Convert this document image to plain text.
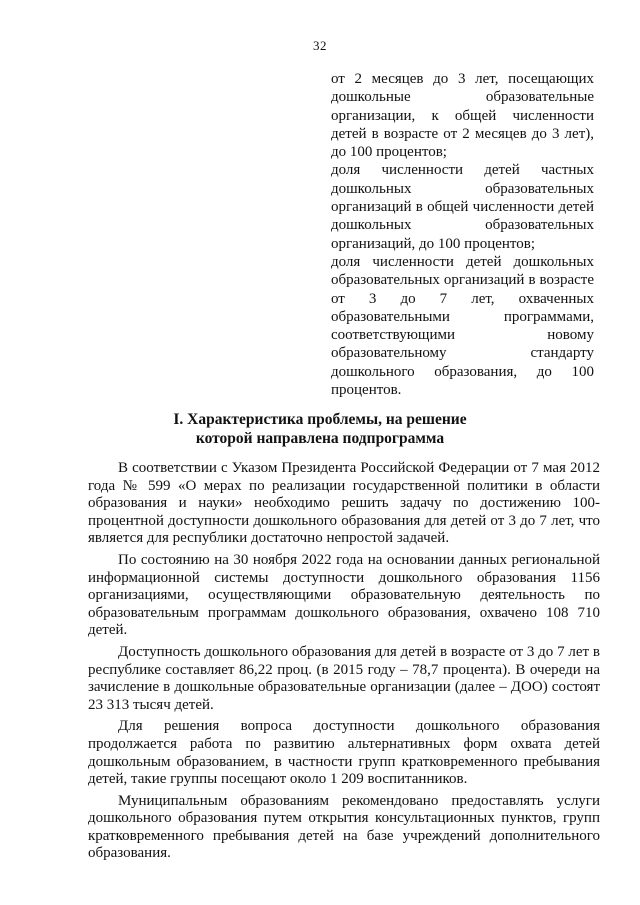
32

от 2 месяцев до 3 лет, посещающих дошкольные образовательные организации, к общей численности детей в возрасте от 2 месяцев до 3 лет), до 100 процентов;

доля численности детей частных дошкольных образовательных организаций в общей численности детей дошкольных образовательных организаций, до 100 процентов;

доля численности детей дошкольных образовательных организаций в возрасте от 3 до 7 лет, охваченных образовательными программами, соответствующими новому образовательному стандарту дошкольного образования, до 100 процентов.

I. Характеристика проблемы, на решение
которой направлена подпрограмма

В соответствии с Указом Президента Российской Федерации от 7 мая 2012 года № 599 «О мерах по реализации государственной политики в области образования и науки» необходимо решить задачу по достижению 100-процентной доступности дошкольного образования для детей от 3 до 7 лет, что является для республики достаточно непростой задачей.

По состоянию на 30 ноября 2022 года на основании данных региональной информационной системы доступности дошкольного образования 1156 организациями, осуществляющими образовательную деятельность по образовательным программам дошкольного образования, охвачено 108 710 детей.

Доступность дошкольного образования для детей в возрасте от 3 до 7 лет в республике составляет 86,22 проц. (в 2015 году – 78,7 процента). В очереди на зачисление в дошкольные образовательные организации (далее – ДОО) состоят 23 313 тысяч детей.

Для решения вопроса доступности дошкольного образования продолжается работа по развитию альтернативных форм охвата детей дошкольным образованием, в частности групп кратковременного пребывания детей, такие группы посещают около 1 209 воспитанников.

Муниципальным образованиям рекомендовано предоставлять услуги дошкольного образования путем открытия консультационных пунктов, групп кратковременного пребывания детей на базе учреждений дополнительного образования.
